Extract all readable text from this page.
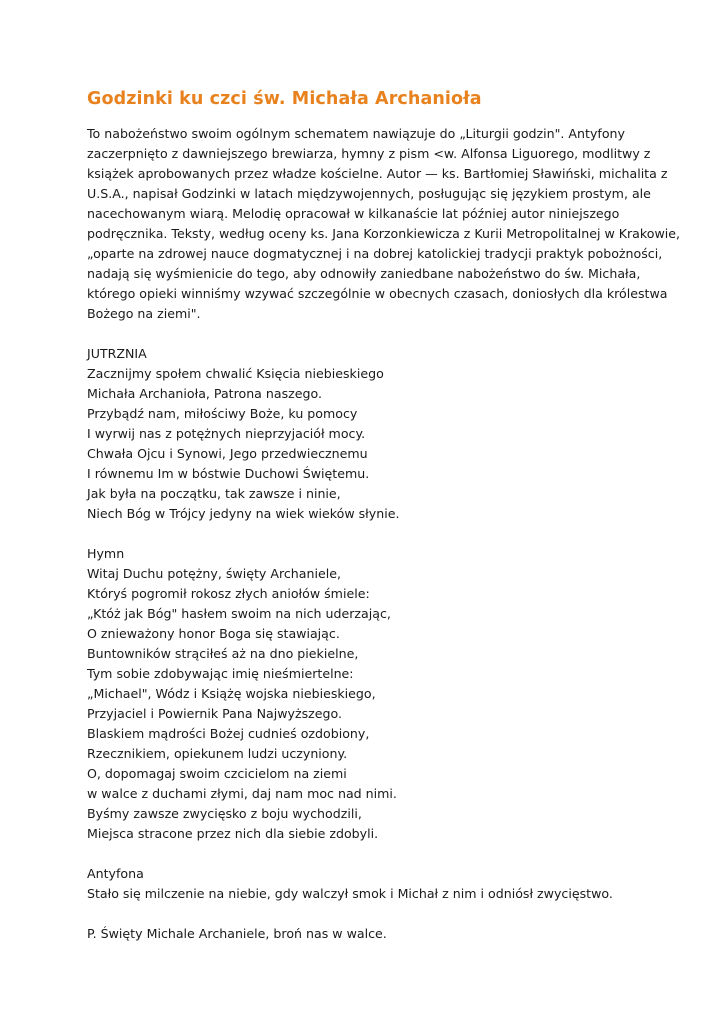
Godzinki ku czci św. Michała Archanioła

To nabożeństwo swoim ogólnym schematem nawiązuje do „Liturgii godzin". Antyfony zaczerpnięto z dawniejszego brewiarza, hymny z pism <w. Alfonsa Liguorego, modlitwy z książek aprobowanych przez władze kościelne. Autor — ks. Bartłomiej Sławiński, michalita z U.S.A., napisał Godzinki w latach międzywojennych, posługując się językiem prostym, ale nacechowanym wiarą. Melodię opracował w kilkanaście lat później autor niniejszego podręcznika. Teksty, według oceny ks. Jana Korzonkiewicza z Kurii Metropolitalnej w Krakowie, „oparte na zdrowej nauce dogmatycznej i na dobrej katolickiej tradycji praktyk pobożności, nadają się wyśmienicie do tego, aby odnowiły zaniedbane nabożeństwo do św. Michała, którego opieki winniśmy wzywać szczególnie w obecnych czasach, doniosłych dla królestwa Bożego na ziemi".

JUTRZNIA
Zacznijmy społem chwalić Księcia niebieskiego
Michała Archanioła, Patrona naszego.
Przybądź nam, miłościwy Boże, ku pomocy
I wyrwij nas z potężnych nieprzyjaciół mocy.
Chwała Ojcu i Synowi, Jego przedwiecznemu
I równemu Im w bóstwie Duchowi Świętemu.
Jak była na początku, tak zawsze i ninie,
Niech Bóg w Trójcy jedyny na wiek wieków słynie.
Hymn
Witaj Duchu potężny, święty Archaniele,
Któryś pogromił rokosz złych aniołów śmiele:
„Któż jak Bóg" hasłem swoim na nich uderzając,
O znieważony honor Boga się stawiając.
Buntowników strąciłeś aż na dno piekielne,
Tym sobie zdobywając imię nieśmiertelne:
„Michael", Wódz i Książę wojska niebieskiego,
Przyjaciel i Powiernik Pana Najwyższego.
Blaskiem mądrości Bożej cudnieś ozdobiony,
Rzecznikiem, opiekunem ludzi uczyniony.
O, dopomagaj swoim czcicielom na ziemi
w walce z duchami złymi, daj nam moc nad nimi.
Byśmy zawsze zwycięsko z boju wychodzili,
Miejsca stracone przez nich dla siebie zdobyli.
Antyfona
Stało się milczenie na niebie, gdy walczył smok i Michał z nim i odniósł zwycięstwo.
P. Święty Michale Archaniele, broń nas w walce.
